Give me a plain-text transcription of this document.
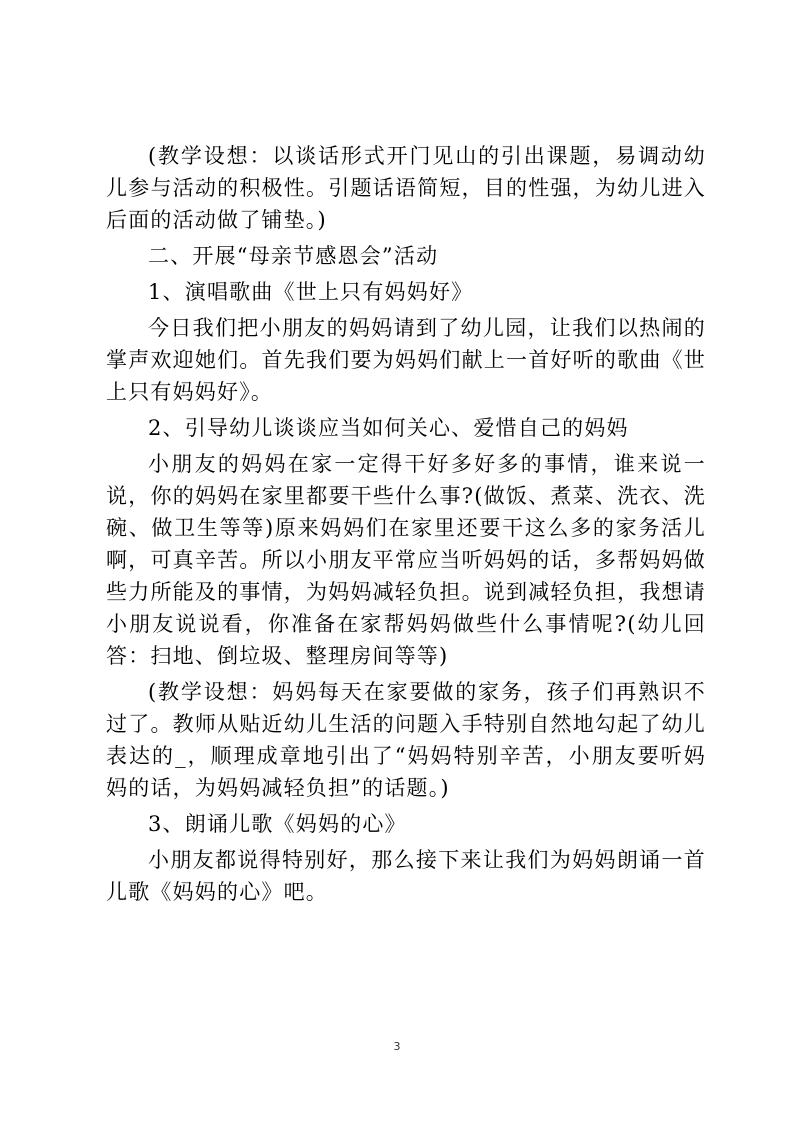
(教学设想：以谈话形式开门见山的引出课题，易调动幼儿参与活动的积极性。引题话语简短，目的性强，为幼儿进入后面的活动做了铺垫。)

二、开展“母亲节感恩会”活动

1、演唱歌曲《世上只有妈妈好》

今日我们把小朋友的妈妈请到了幼儿园，让我们以热闹的掌声欢迎她们。首先我们要为妈妈们献上一首好听的歌曲《世上只有妈妈好》。

2、引导幼儿谈谈应当如何关心、爱惜自己的妈妈

小朋友的妈妈在家一定得干好多好多的事情，谁来说一说，你的妈妈在家里都要干些什么事?(做饭、煮菜、洗衣、洗碗、做卫生等等)原来妈妈们在家里还要干这么多的家务活儿啊，可真辛苦。所以小朋友平常应当听妈妈的话，多帮妈妈做些力所能及的事情，为妈妈减轻负担。说到减轻负担，我想请小朋友说说看，你准备在家帮妈妈做些什么事情呢?(幼儿回答：扫地、倒垃圾、整理房间等等)

(教学设想：妈妈每天在家要做的家务，孩子们再熟识不过了。教师从贴近幼儿生活的问题入手特别自然地勾起了幼儿表达的_，顺理成章地引出了“妈妈特别辛苦，小朋友要听妈妈的话，为妈妈减轻负担”的话题。)

3、朗诵儿歌《妈妈的心》

小朋友都说得特别好，那么接下来让我们为妈妈朗诵一首儿歌《妈妈的心》吧。

3
